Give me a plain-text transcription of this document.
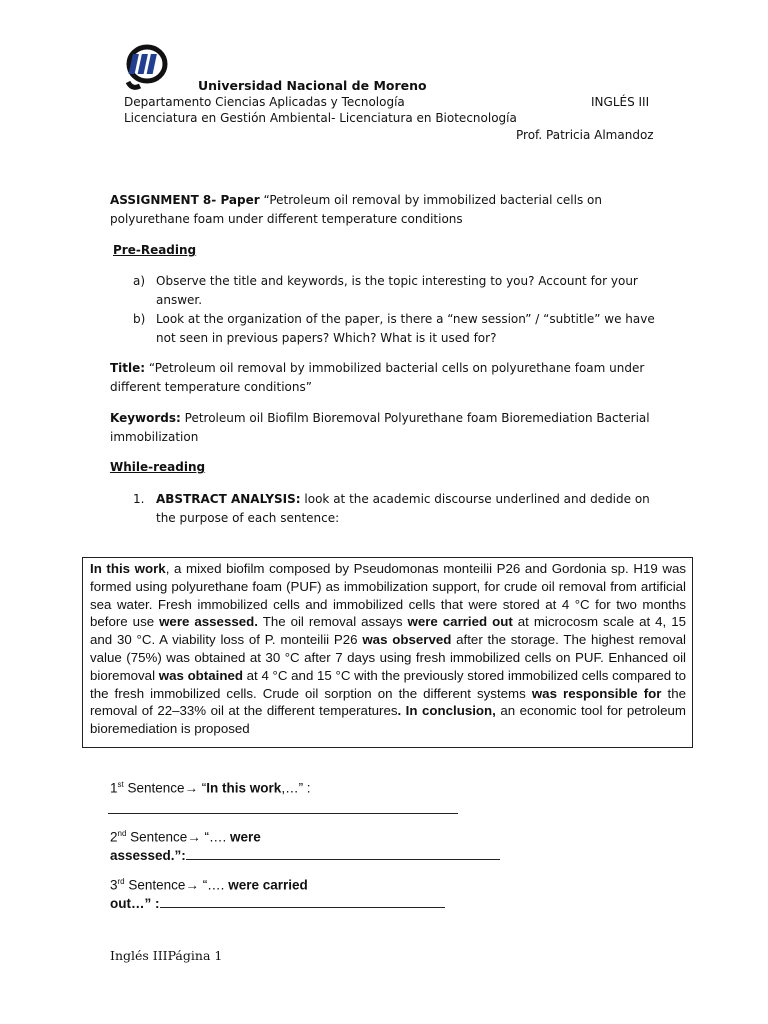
Universidad Nacional de Moreno
Departamento Ciencias Aplicadas y Tecnología	INGLÉS III
Licenciatura en Gestión Ambiental- Licenciatura en Biotecnología
Prof. Patricia Almandoz
ASSIGNMENT 8- Paper “Petroleum oil removal by immobilized bacterial cells on polyurethane foam under different temperature conditions
Pre-Reading
a) Observe the title and keywords, is the topic interesting to you? Account for your answer.
b) Look at the organization of the paper, is there a “new session” / “subtitle” we have not seen in previous papers? Which? What is it used for?
Title: “Petroleum oil removal by immobilized bacterial cells on polyurethane foam under different temperature conditions”
Keywords: Petroleum oil Biofilm Bioremoval Polyurethane foam Bioremediation Bacterial immobilization
While-reading
1. ABSTRACT ANALYSIS: look at the academic discourse underlined and dedide on the purpose of each sentence:
In this work, a mixed biofilm composed by Pseudomonas monteilii P26 and Gordonia sp. H19 was formed using polyurethane foam (PUF) as immobilization support, for crude oil removal from artificial sea water. Fresh immobilized cells and immobilized cells that were stored at 4 °C for two months before use were assessed. The oil removal assays were carried out at microcosm scale at 4, 15 and 30 °C. A viability loss of P. monteilii P26 was observed after the storage. The highest removal value (75%) was obtained at 30 °C after 7 days using fresh immobilized cells on PUF. Enhanced oil bioremoval was obtained at 4 °C and 15 °C with the previously stored immobilized cells compared to the fresh immobilized cells. Crude oil sorption on the different systems was responsible for the removal of 22–33% oil at the different temperatures. In conclusion, an economic tool for petroleum bioremediation is proposed
1st Sentence→ “In this work,…” :
2nd Sentence→ “…. were
assessed.”:
3rd Sentence→ “…. were carried
out…” :
Inglés IIIPágina 1
